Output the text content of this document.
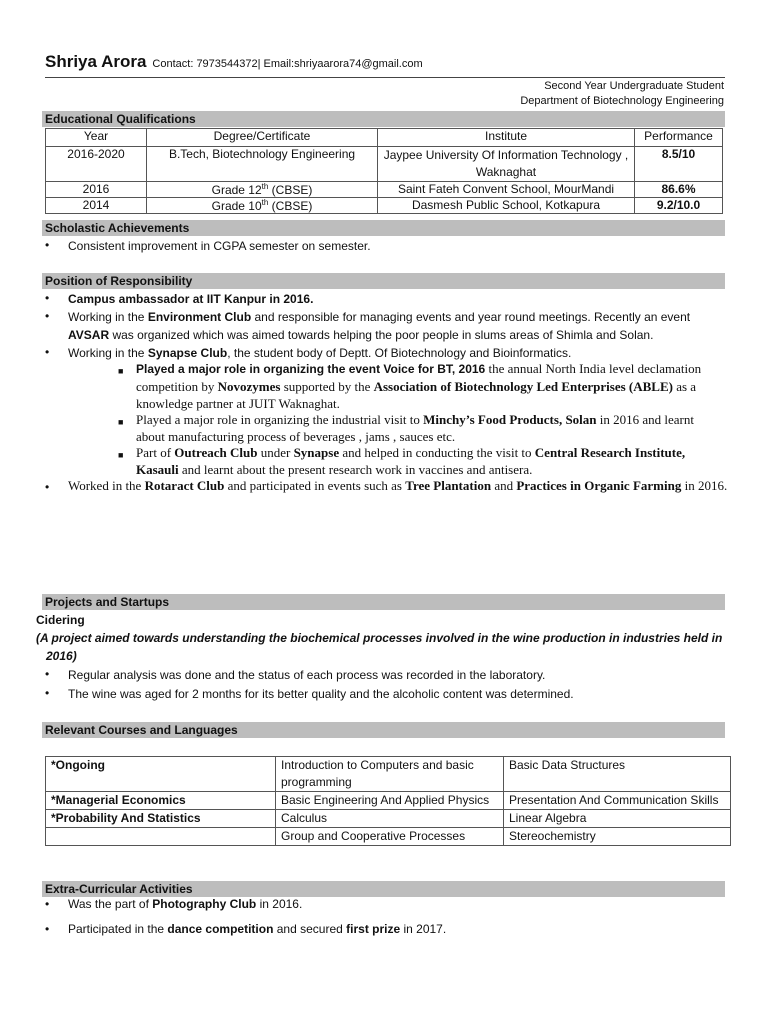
Shriya Arora Contact: 7973544372| Email:shriyaarora74@gmail.com
Second Year Undergraduate Student
Department of Biotechnology Engineering
Educational Qualifications
Year	Degree/Certificate	Institute	Performance
2016-2020	B.Tech, Biotechnology Engineering	Jaypee University Of Information Technology , Waknaghat	8.5/10
2016	Grade 12th (CBSE)	Saint Fateh Convent School, MourMandi	86.6%
2014	Grade 10th (CBSE)	Dasmesh Public School, Kotkapura	9.2/10.0
Scholastic Achievements
•	Consistent improvement in CGPA semester on semester.
Position of Responsibility
•	Campus ambassador at IIT Kanpur in 2016.
•	Working in the Environment Club and responsible for managing events and year round meetings. Recently an event AVSAR was organized which was aimed towards helping the poor people in slums areas of Shimla and Solan.
•	Working in the Synapse Club, the student body of Deptt. Of Biotechnology and Bioinformatics.
■ Played a major role in organizing the event Voice for BT, 2016 the annual North India level declamation competition by Novozymes supported by the Association of Biotechnology Led Enterprises (ABLE) as a knowledge partner at JUIT Waknaghat.
■ Played a major role in organizing the industrial visit to Minchy’s Food Products, Solan in 2016 and learnt about manufacturing process of beverages , jams , sauces etc.
■ Part of Outreach Club under Synapse and helped in conducting the visit to Central Research Institute, Kasauli and learnt about the present research work in vaccines and antisera.
•	Worked in the Rotaract Club and participated in events such as Tree Plantation and Practices in Organic Farming in 2016.
Projects and Startups
Cidering
(A project aimed towards understanding the biochemical processes involved in the wine production in industries held in
2016)
•	Regular analysis was done and the status of each process was recorded in the laboratory.
•	The wine was aged for 2 months for its better quality and the alcoholic content was determined.
Relevant Courses and Languages
*Ongoing	Introduction to Computers and basic programming	Basic Data Structures
*Managerial Economics	Basic Engineering And Applied Physics	Presentation And Communication Skills
*Probability And Statistics	Calculus	Linear Algebra
	Group and Cooperative Processes	Stereochemistry
Extra-Curricular Activities
•	Was the part of Photography Club in 2016.
•	Participated in the dance competition and secured first prize in 2017.
